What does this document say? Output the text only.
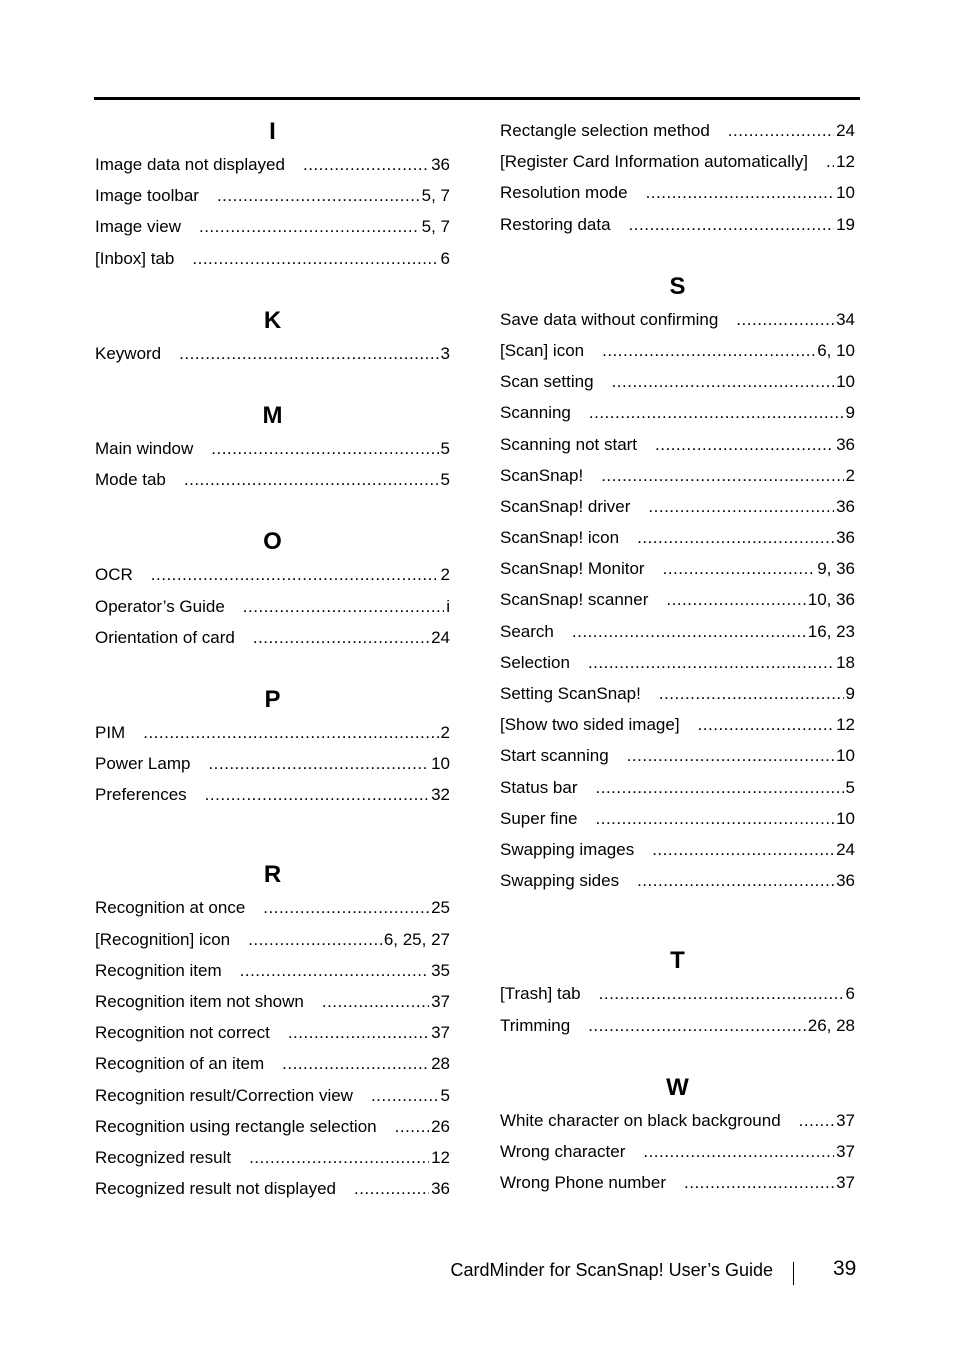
I
Image data not displayed .....	36
Image toolbar .....	5, 7
Image view .....	5, 7
[Inbox] tab .....	6
K
Keyword .....	3
M
Main window .....	5
Mode tab .....	5
O
OCR .....	2
Operator’s Guide .....	i
Orientation of card .....	24
P
PIM .....	2
Power Lamp .....	10
Preferences .....	32
R
Recognition at once .....	25
[Recognition] icon .....	6, 25, 27
Recognition item .....	35
Recognition item not shown .....	37
Recognition not correct .....	37
Recognition of an item .....	28
Recognition result/Correction view .....	5
Recognition using rectangle selection .....	26
Recognized result .....	12
Recognized result not displayed .....	36
Rectangle selection method .....	24
[Register Card Information automatically] ..... 12
Resolution mode .....	10
Restoring data .....	19
S
Save data without confirming .....	34
[Scan] icon .....	6, 10
Scan setting .....	10
Scanning .....	9
Scanning not start .....	36
ScanSnap! .....	2
ScanSnap! driver .....	36
ScanSnap! icon .....	36
ScanSnap! Monitor .....	9, 36
ScanSnap! scanner .....	10, 36
Search .....	16, 23
Selection .....	18
Setting ScanSnap! .....	9
[Show two sided image] .....	12
Start scanning .....	10
Status bar .....	5
Super fine .....	10
Swapping images .....	24
Swapping sides .....	36
T
[Trash] tab .....	6
Trimming .....	26, 28
W
White character on black background .....	37
Wrong character .....	37
Wrong Phone number .....	37
CardMinder for ScanSnap! User’s Guide	39
